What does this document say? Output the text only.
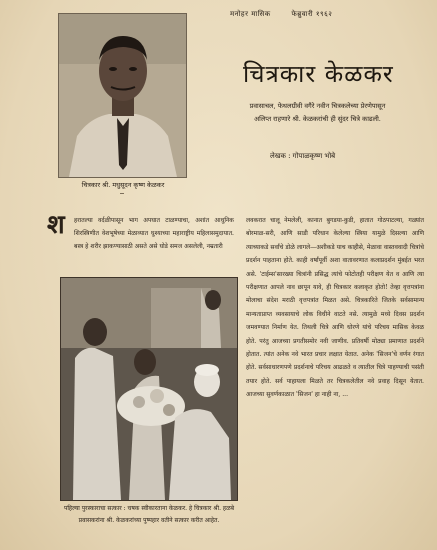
मनोहर मासिक	फेब्रुवारी १९६२
चित्रकार श्री. मधुसूदन कृष्ण केळकर
चित्रकार केळकर
प्रवासाचल, फेथलग्रीवी वगैरे नवीन चित्रकलेच्या प्रेरणेपासून
अलिप्त राहणारे श्री. केळकरांची ही सुंदर चित्रे काढली.
लेखक : गोपाळकृष्ण भोबे
श हरातल्या वर्दळीपासून भाग अपघात टाळण्याचा, अशांत आधुनिक शिरस्त्रिणीत वेशभूषेच्या मेळाव्यात घुश्याच्या महाराष्ट्रीय महिलासमुदायात. बस्त्र हे शरीर झाकण्यासाठी असते असे घोडे समज असलेली, नम्रतारी
लवकरात चालू नेमलेली, कानात बुगडया-कुडी, हातात गोठपाटल्या, गळ्यांत बोरमाळ-सरी, आणि साडी परिधान केलेल्या स्त्रिया यामुळे दिसल्या आणि त्याच्याकडे सर्वांचे डोळे लागले—अशीकडे याच काहीसे, मेळावा वास्तववादी चित्रांचे प्रदर्शन पाहताना होते. काही वर्षांपूर्वी अशा वातावरणात कलाप्रदर्शन मुंबईत भरत असे. 'टाईम्स'सारख्या चित्रांनी प्रसिद्ध त्यांचे फोटोतही परीक्षण येत व आणि त्या परीक्षणात आपले नाव छापून यावे, ही चित्रकार कलाकृत होतो! तेव्हा वृत्तपत्रांना मोलाचा संदेश मराठी वृत्तपत्रांत मिळत असे. चित्रकारिते जितके सर्वसामान्य मान्यताप्राप्त व्यवसायाचे लोक विधीने वाटते नसे. त्यामुळे मध्ये दिवस प्रदर्शन जमवण्यात निर्माण येत. तिथली चित्रे आणि धोरणे यांचे परिचय मासिक केवळ होते. परंतु आजच्या प्रगतीसमोर नवी जाणीव. प्रतिवर्षी मोठ्या प्रमाणात प्रदर्शने होतात. त्यांत अनेक नवे भारत प्रचार लक्षात येतात. अनेक 'सिजन'चे वर्णन रंगात होते. सर्वसाधारणपणे प्रदर्शनाचे परिचय आढळते व त्यातील चित्रे पाहण्याची पसंती तयार होते. सर्व पाहायला मिळते तर चित्रकलेतील नवे प्रवाह दिसून येतात. आजच्या सुवर्णकाळात 'सिजन' हा नाही ना, ...
पहिल्या पुरस्काराचा सत्कार : चषक स्वीकारताना केळकर. हे चित्रकार श्री. हळबे प्रवासकरांना श्री. केळकरांच्या पुष्पहार वतीने सत्कार करीत आहेत.
